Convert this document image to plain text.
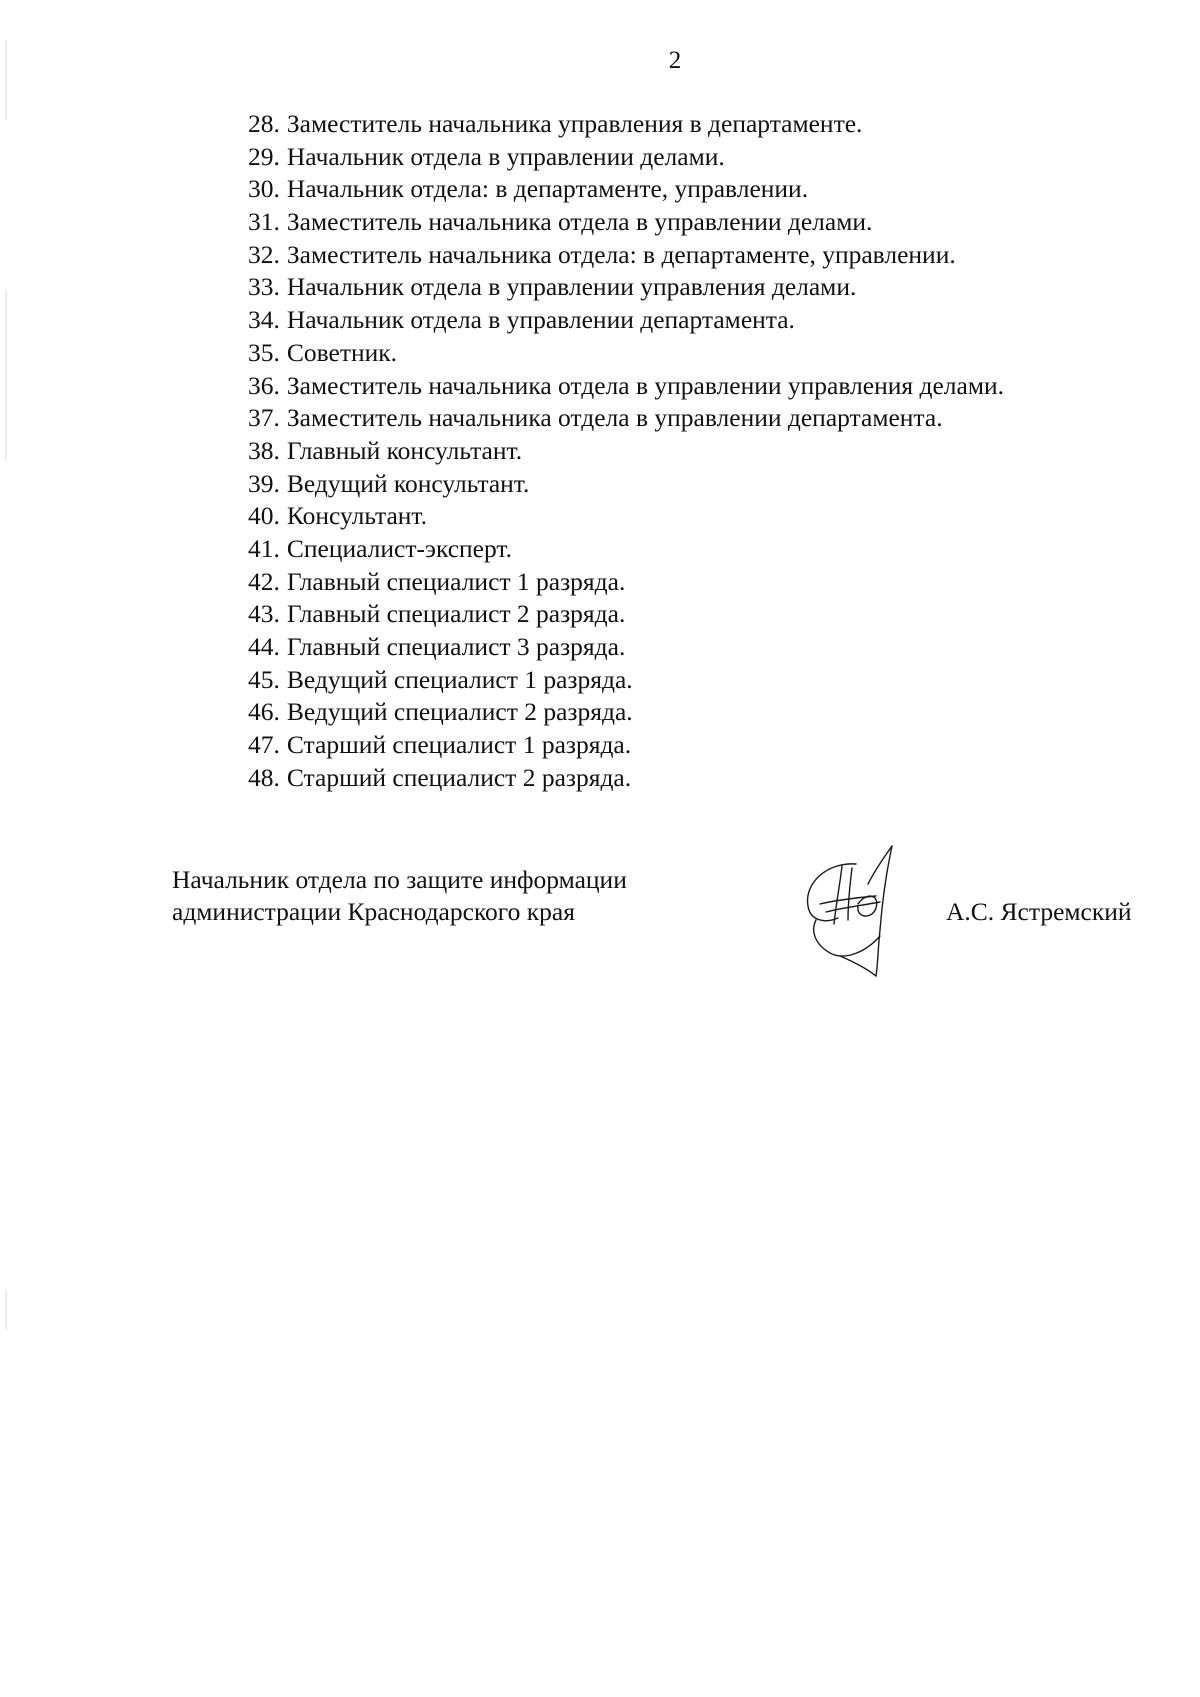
2
28 . Заместитель начальника управления в департаменте.
29 . Начальник отдела в управлении делами.
30 . Начальник отдела: в департаменте, управлении.
31 . Заместитель начальника отдела в управлении делами.
32 . Заместитель начальника отдела: в департаменте, управлении.
33 . Начальник отдела в управлении управления делами.
34 . Начальник отдела в управлении департамента.
35 . Советник.
36 . Заместитель начальника отдела в управлении управления делами.
37 . Заместитель начальника отдела в управлении департамента.
38 . Главный консультант.
39 . Ведущий консультант.
40 . Консультант.
41 . Специалист-эксперт.
42 . Главный специалист 1 разряда.
43 . Главный специалист 2 разряда.
44 . Главный специалист 3 разряда.
45 . Ведущий специалист 1 разряда.
46 . Ведущий специалист 2 разряда.
47 . Старший специалист 1 разряда.
48 . Старший специалист 2 разряда.
Начальник отдела по защите информации
администрации Краснодарского края	А.С. Ястремский
